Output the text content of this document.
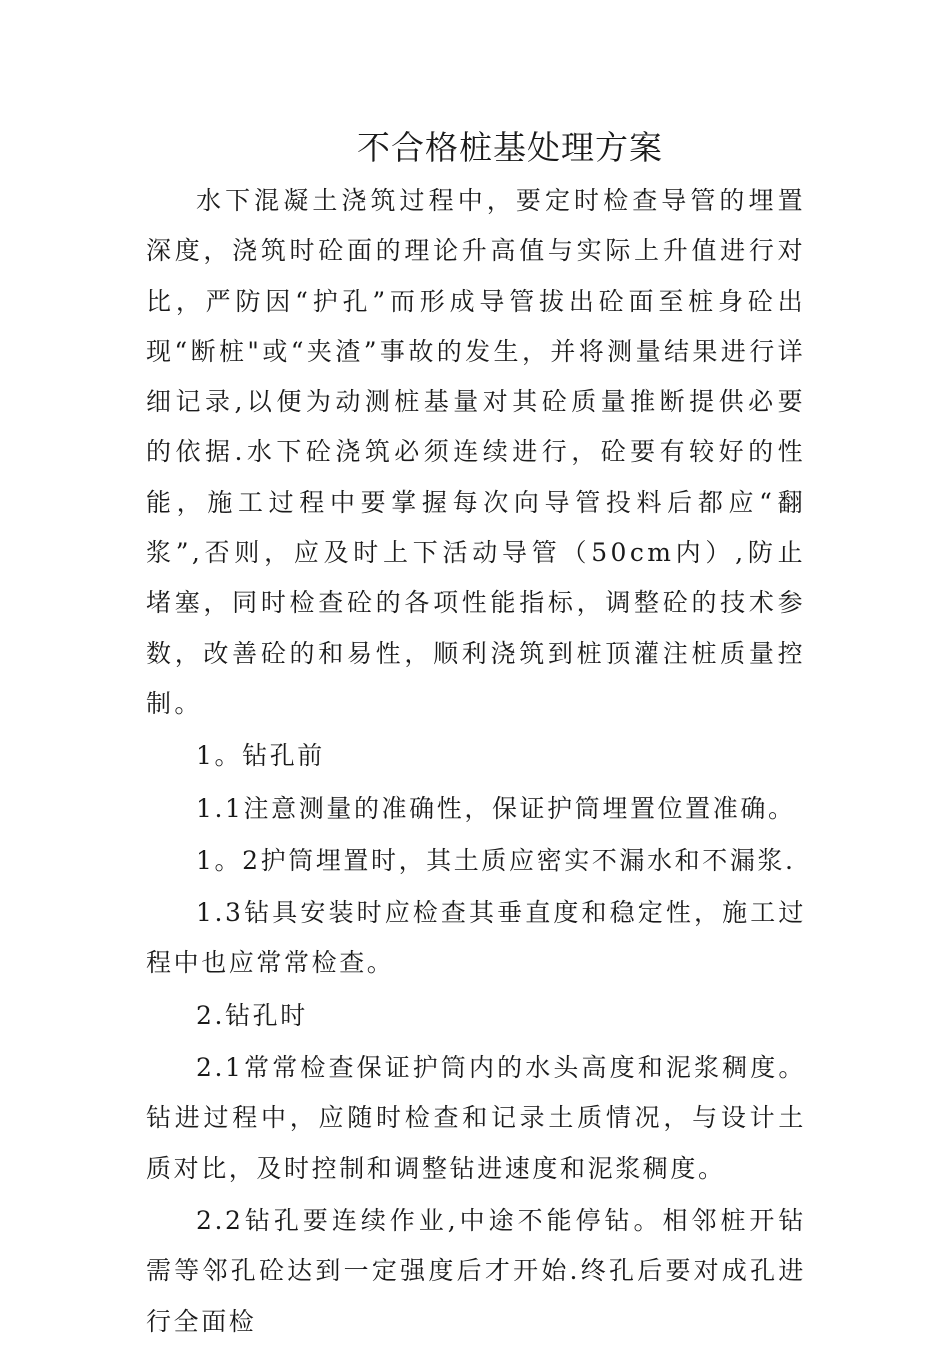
不合格桩基处理方案

水下混凝土浇筑过程中，要定时检查导管的埋置深度，浇筑时砼面的理论升高值与实际上升值进行对比，严防因“护孔”而形成导管拔出砼面至桩身砼出现“断桩"或“夹渣”事故的发生，并将测量结果进行详细记录,以便为动测桩基量对其砼质量推断提供必要的依据.水下砼浇筑必须连续进行，砼要有较好的性能，施工过程中要掌握每次向导管投料后都应“翻浆”,否则，应及时上下活动导管（50cm内）,防止堵塞，同时检查砼的各项性能指标，调整砼的技术参数，改善砼的和易性，顺利浇筑到桩顶灌注桩质量控制。

1。钻孔前

1.1注意测量的准确性，保证护筒埋置位置准确。

1。2护筒埋置时，其土质应密实不漏水和不漏浆.

1.3钻具安装时应检查其垂直度和稳定性，施工过程中也应常常检查。

2.钻孔时

2.1常常检查保证护筒内的水头高度和泥浆稠度。钻进过程中，应随时检查和记录土质情况，与设计土质对比，及时控制和调整钻进速度和泥浆稠度。

2.2钻孔要连续作业,中途不能停钻。相邻桩开钻需等邻孔砼达到一定强度后才开始.终孔后要对成孔进行全面检
